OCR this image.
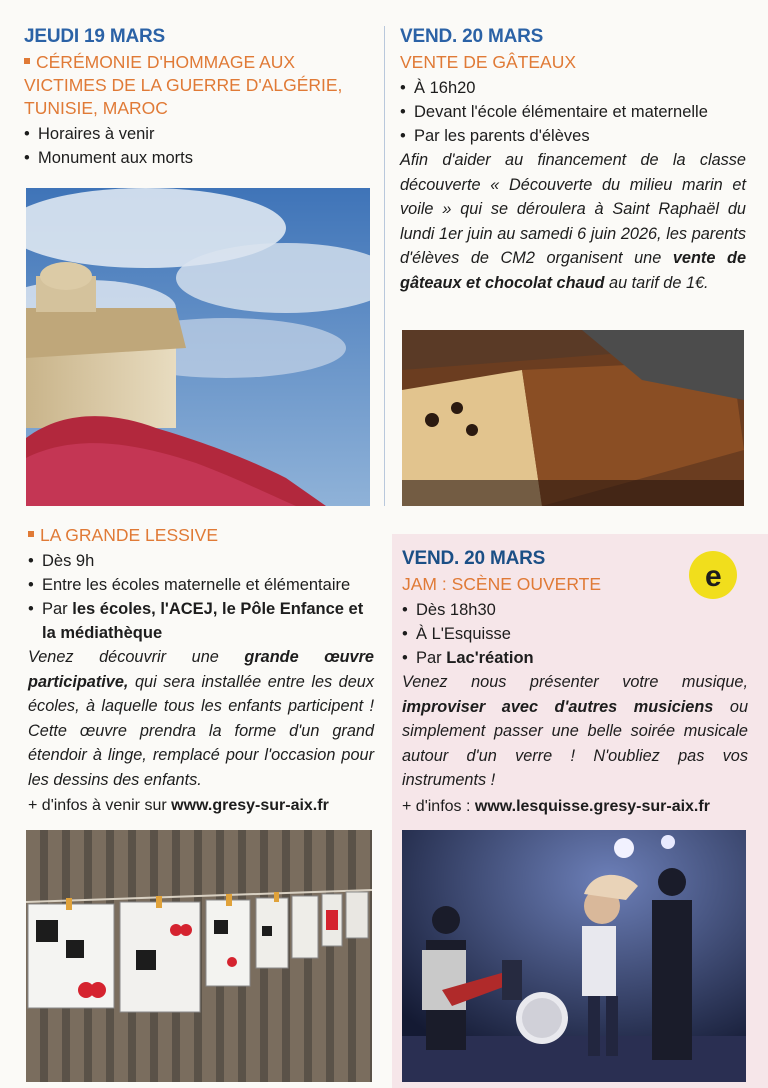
JEUDI 19 MARS
CÉRÉMONIE D'HOMMAGE AUX VICTIMES DE LA GUERRE D'ALGÉRIE, TUNISIE, MAROC
• Horaires à venir
• Monument aux morts
VEND. 20 MARS
VENTE DE GÂTEAUX
• À 16h20
• Devant l'école élémentaire et maternelle
• Par les parents d'élèves

Afin d'aider au financement de la classe découverte « Découverte du milieu marin et voile » qui se déroulera à Saint Raphaël du lundi 1er juin au samedi 6 juin 2026, les parents d'élèves de CM2 organisent une vente de gâteaux et chocolat chaud au tarif de 1€.

LA GRANDE LESSIVE
• Dès 9h
• Entre les écoles maternelle et élémentaire
• Par les écoles, l'ACEJ, le Pôle Enfance et la médiathèque

Venez découvrir une grande œuvre participative, qui sera installée entre les deux écoles, à laquelle tous les enfants participent ! Cette œuvre prendra la forme d'un grand étendoir à linge, remplacé pour l'occasion pour les dessins des enfants.

+ d'infos à venir sur www.gresy-sur-aix.fr

e
VEND. 20 MARS
JAM : SCÈNE OUVERTE
• Dès 18h30
• À L'Esquisse
• Par Lac'réation

Venez nous présenter votre musique, improviser avec d'autres musiciens ou simplement passer une belle soirée musicale autour d'un verre ! N'oubliez pas vos instruments !

+ d'infos : www.lesquisse.gresy-sur-aix.fr
